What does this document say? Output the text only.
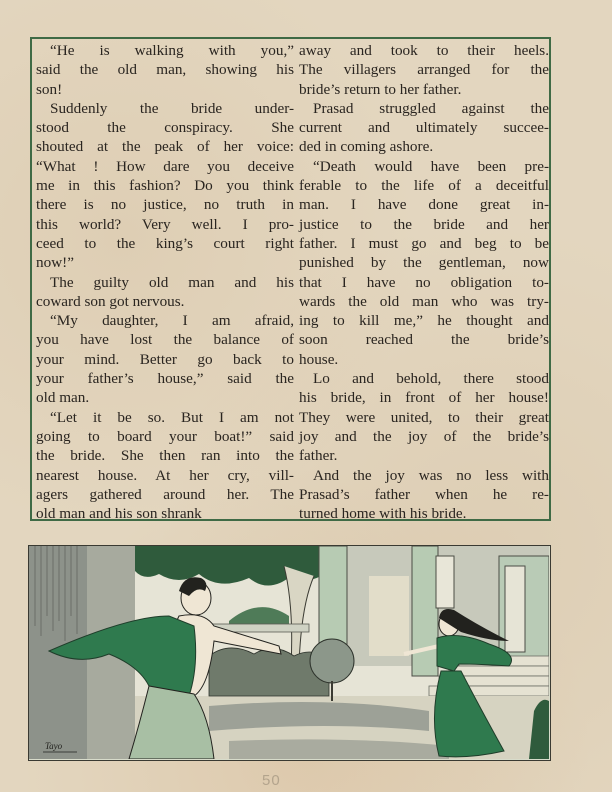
“He is walking with you,”
said the old man, showing his
son!
Suddenly the bride under-
stood the conspiracy. She
shouted at the peak of her voice:
“What ! How dare you deceive
me in this fashion? Do you think
there is no justice, no truth in
this world? Very well. I pro-
ceed to the king’s court right
now!”
The guilty old man and his
coward son got nervous.
“My daughter, I am afraid,
you have lost the balance of
your mind. Better go back to
your father’s house,” said the
old man.
“Let it be so. But I am not
going to board your boat!” said
the bride. She then ran into the
nearest house. At her cry, vill-
agers gathered around her. The
old man and his son shrank
away and took to their heels.
The villagers arranged for the
bride’s return to her father.
Prasad struggled against the
current and ultimately succee-
ded in coming ashore.
“Death would have been pre-
ferable to the life of a deceitful
man. I have done great in-
justice to the bride and her
father. I must go and beg to be
punished by the gentleman, now
that I have no obligation to-
wards the old man who was try-
ing to kill me,” he thought and
soon reached the bride’s
house.
Lo and behold, there stood
his bride, in front of her house!
They were united, to their great
joy and the joy of the bride’s
father.
And the joy was no less with
Prasad’s father when he re-
turned home with his bride.
Tayo
50
